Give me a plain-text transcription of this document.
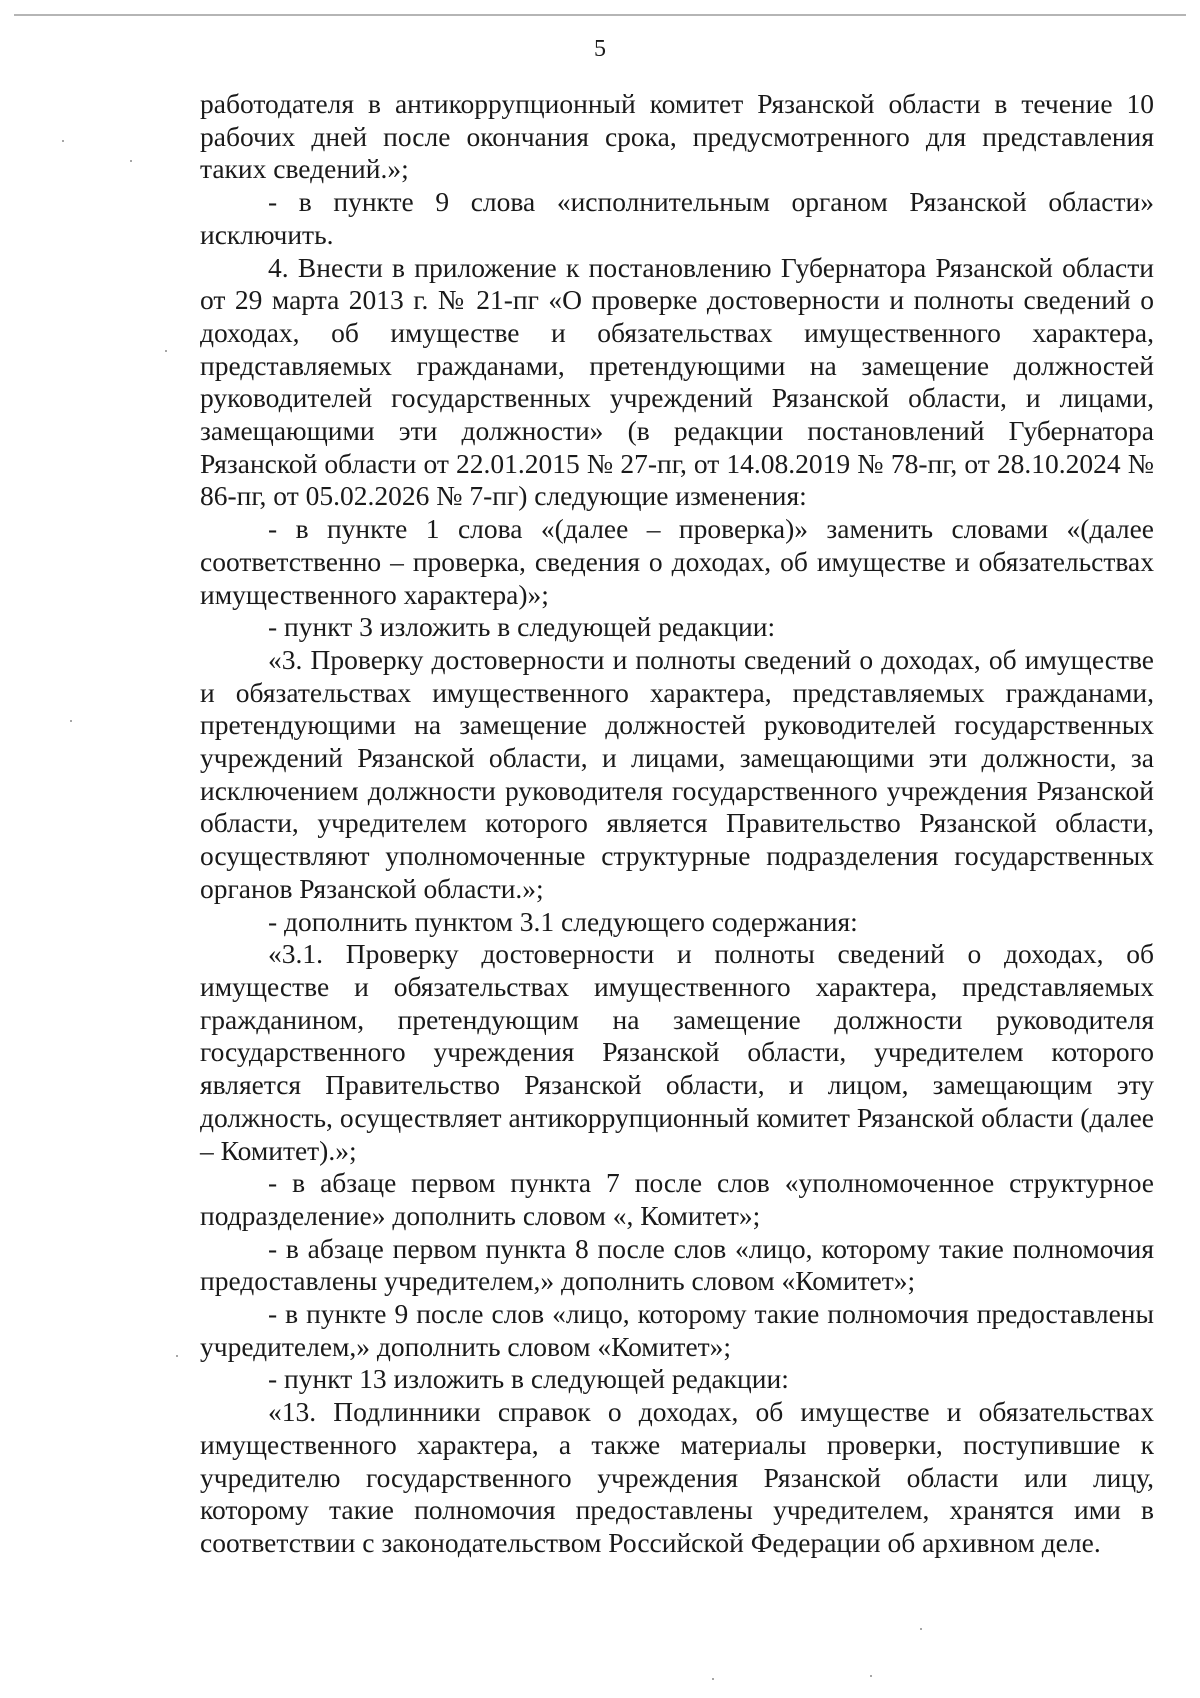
5

работодателя в антикоррупционный комитет Рязанской области в течение 10 рабочих дней после окончания срока, предусмотренного для представления таких сведений.»;

- в пункте 9 слова «исполнительным органом Рязанской области» исключить.

4. Внести в приложение к постановлению Губернатора Рязанской области от 29 марта 2013 г. № 21-пг «О проверке достоверности и полноты сведений о доходах, об имуществе и обязательствах имущественного характера, представляемых гражданами, претендующими на замещение должностей руководителей государственных учреждений Рязанской области, и лицами, замещающими эти должности» (в редакции постановлений Губернатора Рязанской области от 22.01.2015 № 27-пг, от 14.08.2019 № 78-пг, от 28.10.2024 № 86-пг, от 05.02.2026 № 7-пг) следующие изменения:

- в пункте 1 слова «(далее – проверка)» заменить словами «(далее соответственно – проверка, сведения о доходах, об имуществе и обязательствах имущественного характера)»;

- пункт 3 изложить в следующей редакции:

«3. Проверку достоверности и полноты сведений о доходах, об имуществе и обязательствах имущественного характера, представляемых гражданами, претендующими на замещение должностей руководителей государственных учреждений Рязанской области, и лицами, замещающими эти должности, за исключением должности руководителя государственного учреждения Рязанской области, учредителем которого является Правительство Рязанской области, осуществляют уполномоченные структурные подразделения государственных органов Рязанской области.»;

- дополнить пунктом 3.1 следующего содержания:

«3.1. Проверку достоверности и полноты сведений о доходах, об имуществе и обязательствах имущественного характера, представляемых гражданином, претендующим на замещение должности руководителя государственного учреждения Рязанской области, учредителем которого является Правительство Рязанской области, и лицом, замещающим эту должность, осуществляет антикоррупционный комитет Рязанской области (далее – Комитет).»;

- в абзаце первом пункта 7 после слов «уполномоченное структурное подразделение» дополнить словом «, Комитет»;

- в абзаце первом пункта 8 после слов «лицо, которому такие полномочия предоставлены учредителем,» дополнить словом «Комитет»;

- в пункте 9 после слов «лицо, которому такие полномочия предоставлены учредителем,» дополнить словом «Комитет»;

- пункт 13 изложить в следующей редакции:

«13. Подлинники справок о доходах, об имуществе и обязательствах имущественного характера, а также материалы проверки, поступившие к учредителю государственного учреждения Рязанской области или лицу, которому такие полномочия предоставлены учредителем, хранятся ими в соответствии с законодательством Российской Федерации об архивном деле.
